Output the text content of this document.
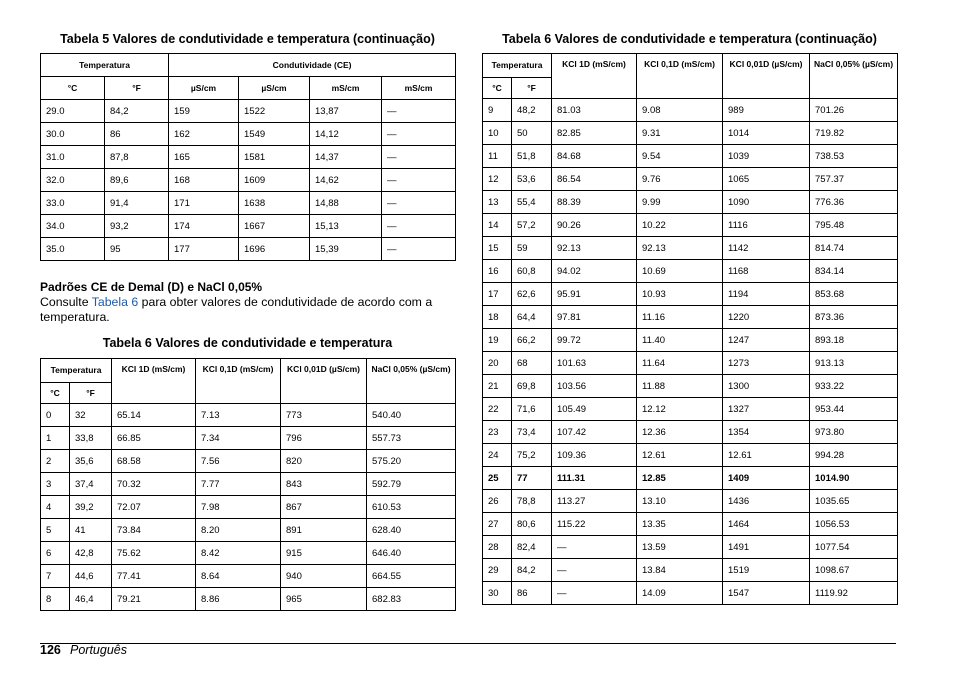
Tabela 5 Valores de condutividade e temperatura (continuação)
Temperatura		Condutividade (CE)			
°C	°F	µS/cm	µS/cm	mS/cm	mS/cm
29.0	84,2	159	1522	13,87	—
30.0	86	162	1549	14,12	—
31.0	87,8	165	1581	14,37	—
32.0	89,6	168	1609	14,62	—
33.0	91,4	171	1638	14,88	—
34.0	93,2	174	1667	15,13	—
35.0	95	177	1696	15,39	—
Padrões CE de Demal (D) e NaCl 0,05%
Consulte Tabela 6 para obter valores de condutividade de acordo com a temperatura.
Tabela 6 Valores de condutividade e temperatura
Temperatura		KCl 1D (mS/cm)	KCl 0,1D (mS/cm)	KCl 0,01D (µS/cm)	NaCl 0,05% (µS/cm)
°C	°F				
0	32	65.14	7.13	773	540.40
1	33,8	66.85	7.34	796	557.73
2	35,6	68.58	7.56	820	575.20
3	37,4	70.32	7.77	843	592.79
4	39,2	72.07	7.98	867	610.53
5	41	73.84	8.20	891	628.40
6	42,8	75.62	8.42	915	646.40
7	44,6	77.41	8.64	940	664.55
8	46,4	79.21	8.86	965	682.83
Tabela 6 Valores de condutividade e temperatura (continuação)
Temperatura		KCl 1D (mS/cm)	KCl 0,1D (mS/cm)	KCl 0,01D (µS/cm)	NaCl 0,05% (µS/cm)
°C	°F				
9	48,2	81.03	9.08	989	701.26
10	50	82.85	9.31	1014	719.82
11	51,8	84.68	9.54	1039	738.53
12	53,6	86.54	9.76	1065	757.37
13	55,4	88.39	9.99	1090	776.36
14	57,2	90.26	10.22	1116	795.48
15	59	92.13	92.13	1142	814.74
16	60,8	94.02	10.69	1168	834.14
17	62,6	95.91	10.93	1194	853.68
18	64,4	97.81	11.16	1220	873.36
19	66,2	99.72	11.40	1247	893.18
20	68	101.63	11.64	1273	913.13
21	69,8	103.56	11.88	1300	933.22
22	71,6	105.49	12.12	1327	953.44
23	73,4	107.42	12.36	1354	973.80
24	75,2	109.36	12.61	12.61	994.28
25	77	111.31	12.85	1409	1014.90
26	78,8	113.27	13.10	1436	1035.65
27	80,6	115.22	13.35	1464	1056.53
28	82,4	—	13.59	1491	1077.54
29	84,2	—	13.84	1519	1098.67
30	86	—	14.09	1547	1119.92
126 Português
